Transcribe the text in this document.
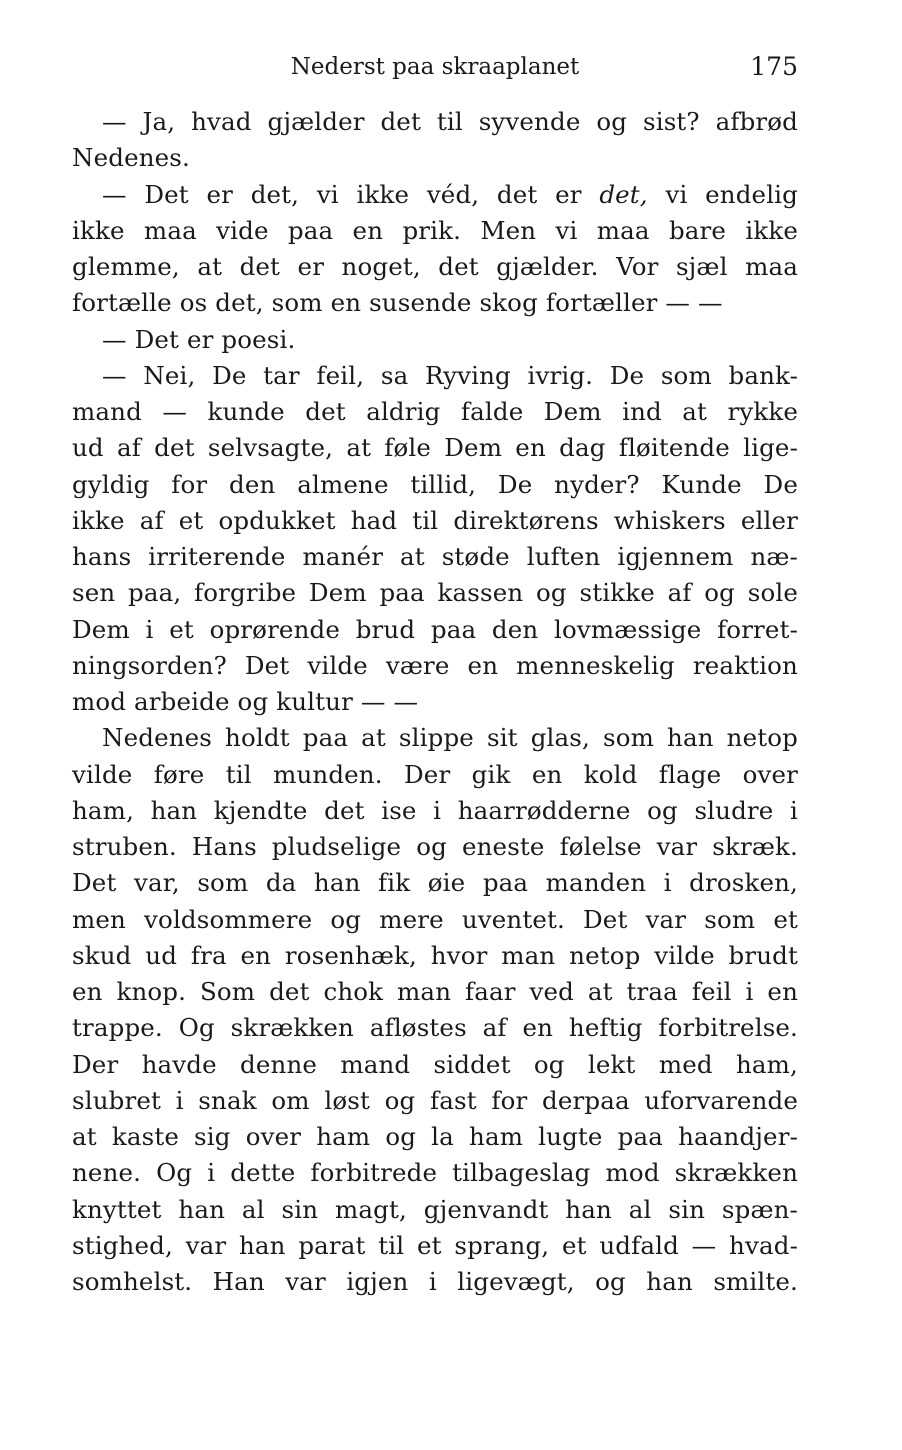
Nederst paa skraaplanet	175
— Ja, hvad gjælder det til syvende og sist? afbrød
Nedenes.
— Det er det, vi ikke véd, det er det, vi endelig
ikke maa vide paa en prik. Men vi maa bare ikke
glemme, at det er noget, det gjælder. Vor sjæl maa
fortælle os det, som en susende skog fortæller — —
— Det er poesi.
— Nei, De tar feil, sa Ryving ivrig. De som bank-
mand — kunde det aldrig falde Dem ind at rykke
ud af det selvsagte, at føle Dem en dag fløitende lige-
gyldig for den almene tillid, De nyder? Kunde De
ikke af et opdukket had til direktørens whiskers eller
hans irriterende manér at støde luften igjennem næ-
sen paa, forgribe Dem paa kassen og stikke af og sole
Dem i et oprørende brud paa den lovmæssige forret-
ningsorden? Det vilde være en menneskelig reaktion
mod arbeide og kultur — —
Nedenes holdt paa at slippe sit glas, som han netop
vilde føre til munden. Der gik en kold flage over
ham, han kjendte det ise i haarrødderne og sludre i
struben. Hans pludselige og eneste følelse var skræk.
Det var, som da han fik øie paa manden i drosken,
men voldsommere og mere uventet. Det var som et
skud ud fra en rosenhæk, hvor man netop vilde brudt
en knop. Som det chok man faar ved at traa feil i en
trappe. Og skrækken afløstes af en heftig forbitrelse.
Der havde denne mand siddet og lekt med ham,
slubret i snak om løst og fast for derpaa uforvarende
at kaste sig over ham og la ham lugte paa haandjer-
nene. Og i dette forbitrede tilbageslag mod skrækken
knyttet han al sin magt, gjenvandt han al sin spæn-
stighed, var han parat til et sprang, et udfald — hvad-
somhelst. Han var igjen i ligevægt, og han smilte.
